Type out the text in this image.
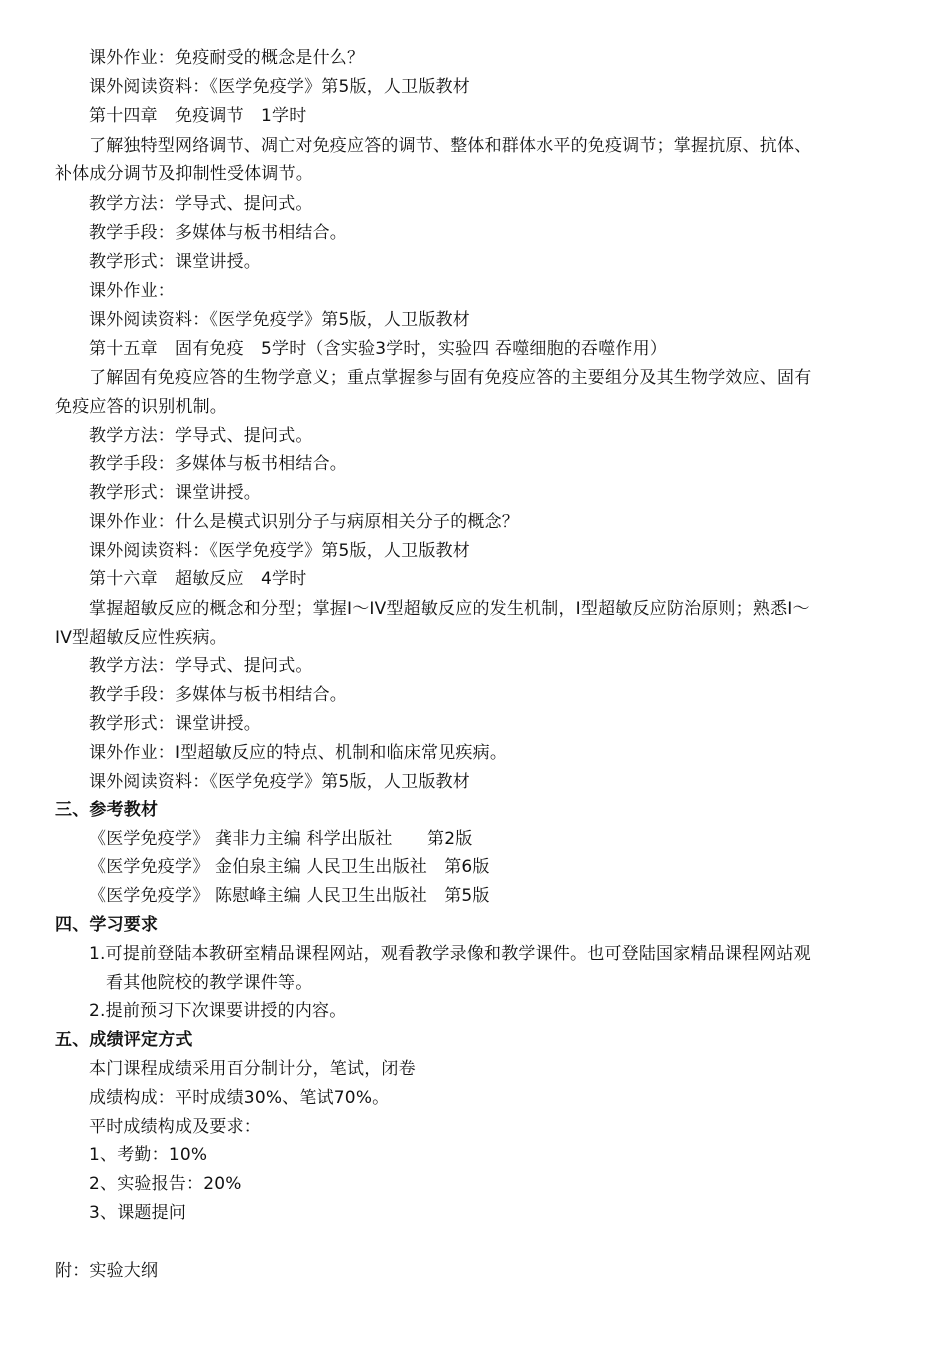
课外作业：免疫耐受的概念是什么？
课外阅读资料：《医学免疫学》第5版，人卫版教材
第十四章　免疫调节　1学时
了解独特型网络调节、凋亡对免疫应答的调节、整体和群体水平的免疫调节；掌握抗原、抗体、
补体成分调节及抑制性受体调节。
教学方法：学导式、提问式。
教学手段：多媒体与板书相结合。
教学形式：课堂讲授。
课外作业：
课外阅读资料：《医学免疫学》第5版，人卫版教材
第十五章　固有免疫　5学时（含实验3学时，实验四 吞噬细胞的吞噬作用）
了解固有免疫应答的生物学意义；重点掌握参与固有免疫应答的主要组分及其生物学效应、固有
免疫应答的识别机制。
教学方法：学导式、提问式。
教学手段：多媒体与板书相结合。
教学形式：课堂讲授。
课外作业：什么是模式识别分子与病原相关分子的概念？
课外阅读资料：《医学免疫学》第5版，人卫版教材
第十六章　超敏反应　4学时
掌握超敏反应的概念和分型；掌握I～IV型超敏反应的发生机制，I型超敏反应防治原则；熟悉I～
IV型超敏反应性疾病。
教学方法：学导式、提问式。
教学手段：多媒体与板书相结合。
教学形式：课堂讲授。
课外作业：I型超敏反应的特点、机制和临床常见疾病。
课外阅读资料：《医学免疫学》第5版，人卫版教材
三、参考教材
《医学免疫学》 龚非力主编 科学出版社　　第2版
《医学免疫学》 金伯泉主编 人民卫生出版社　第6版
《医学免疫学》 陈慰峰主编 人民卫生出版社　第5版
四、学习要求
1.可提前登陆本教研室精品课程网站，观看教学录像和教学课件。也可登陆国家精品课程网站观
看其他院校的教学课件等。
2.提前预习下次课要讲授的内容。
五、成绩评定方式
本门课程成绩采用百分制计分，笔试，闭卷
成绩构成：平时成绩30%、笔试70%。
平时成绩构成及要求：
1、考勤：10%
2、实验报告：20%
3、课题提问
附：实验大纲
